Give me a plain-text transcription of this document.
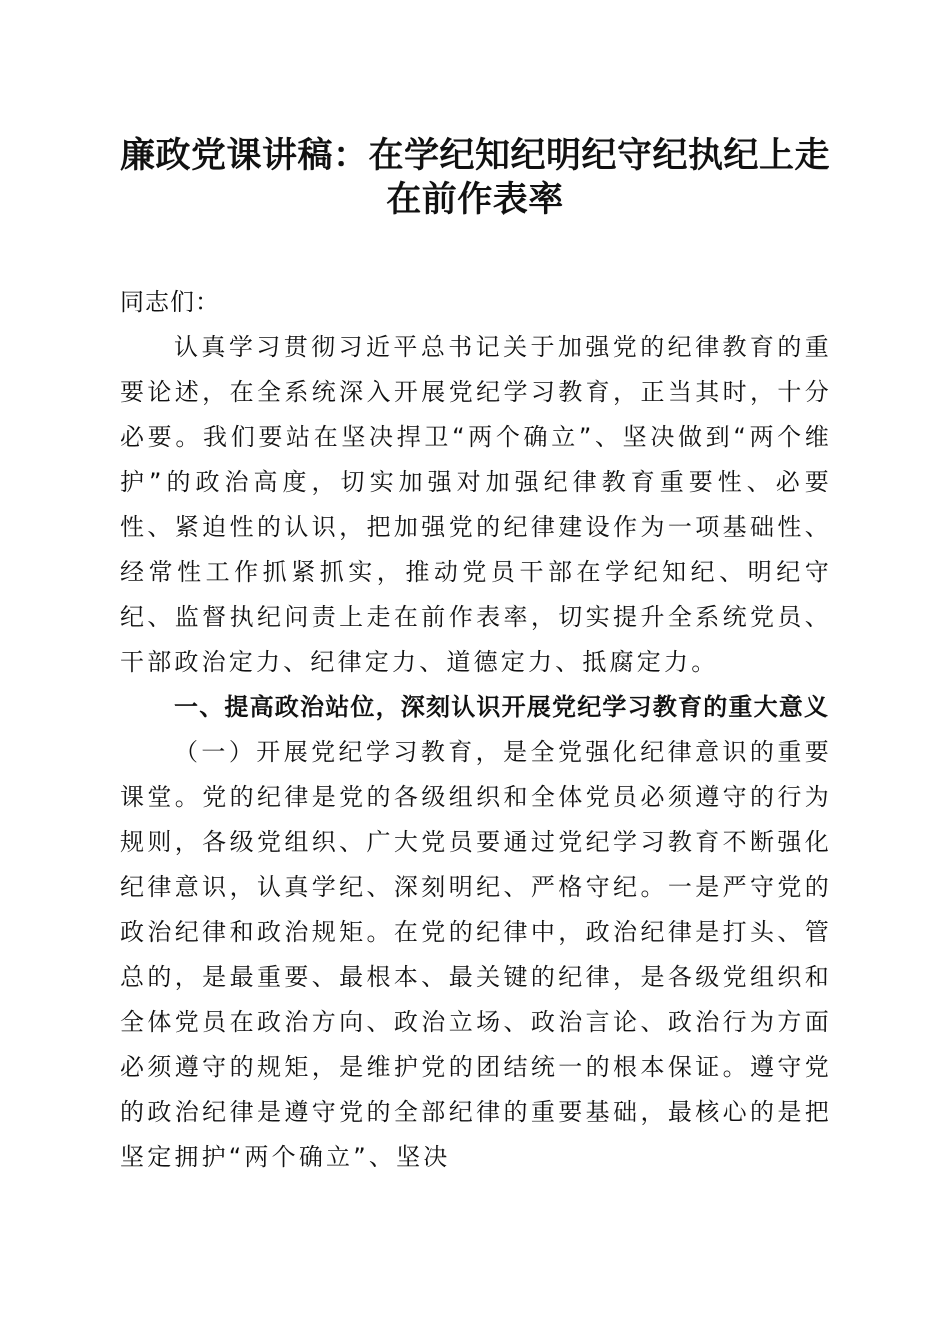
廉政党课讲稿：在学纪知纪明纪守纪执纪上走
在前作表率

同志们：

认真学习贯彻习近平总书记关于加强党的纪律教育的重要论述，在全系统深入开展党纪学习教育，正当其时，十分必要。我们要站在坚决捍卫“两个确立”、坚决做到“两个维护”的政治高度，切实加强对加强纪律教育重要性、必要性、紧迫性的认识，把加强党的纪律建设作为一项基础性、经常性工作抓紧抓实，推动党员干部在学纪知纪、明纪守纪、监督执纪问责上走在前作表率，切实提升全系统党员、干部政治定力、纪律定力、道德定力、抵腐定力。

一、提高政治站位，深刻认识开展党纪学习教育的重大意义

（一）开展党纪学习教育，是全党强化纪律意识的重要课堂。党的纪律是党的各级组织和全体党员必须遵守的行为规则，各级党组织、广大党员要通过党纪学习教育不断强化纪律意识，认真学纪、深刻明纪、严格守纪。一是严守党的政治纪律和政治规矩。在党的纪律中，政治纪律是打头、管总的，是最重要、最根本、最关键的纪律，是各级党组织和全体党员在政治方向、政治立场、政治言论、政治行为方面必须遵守的规矩，是维护党的团结统一的根本保证。遵守党的政治纪律是遵守党的全部纪律的重要基础，最核心的是把坚定拥护“两个确立”、坚决
